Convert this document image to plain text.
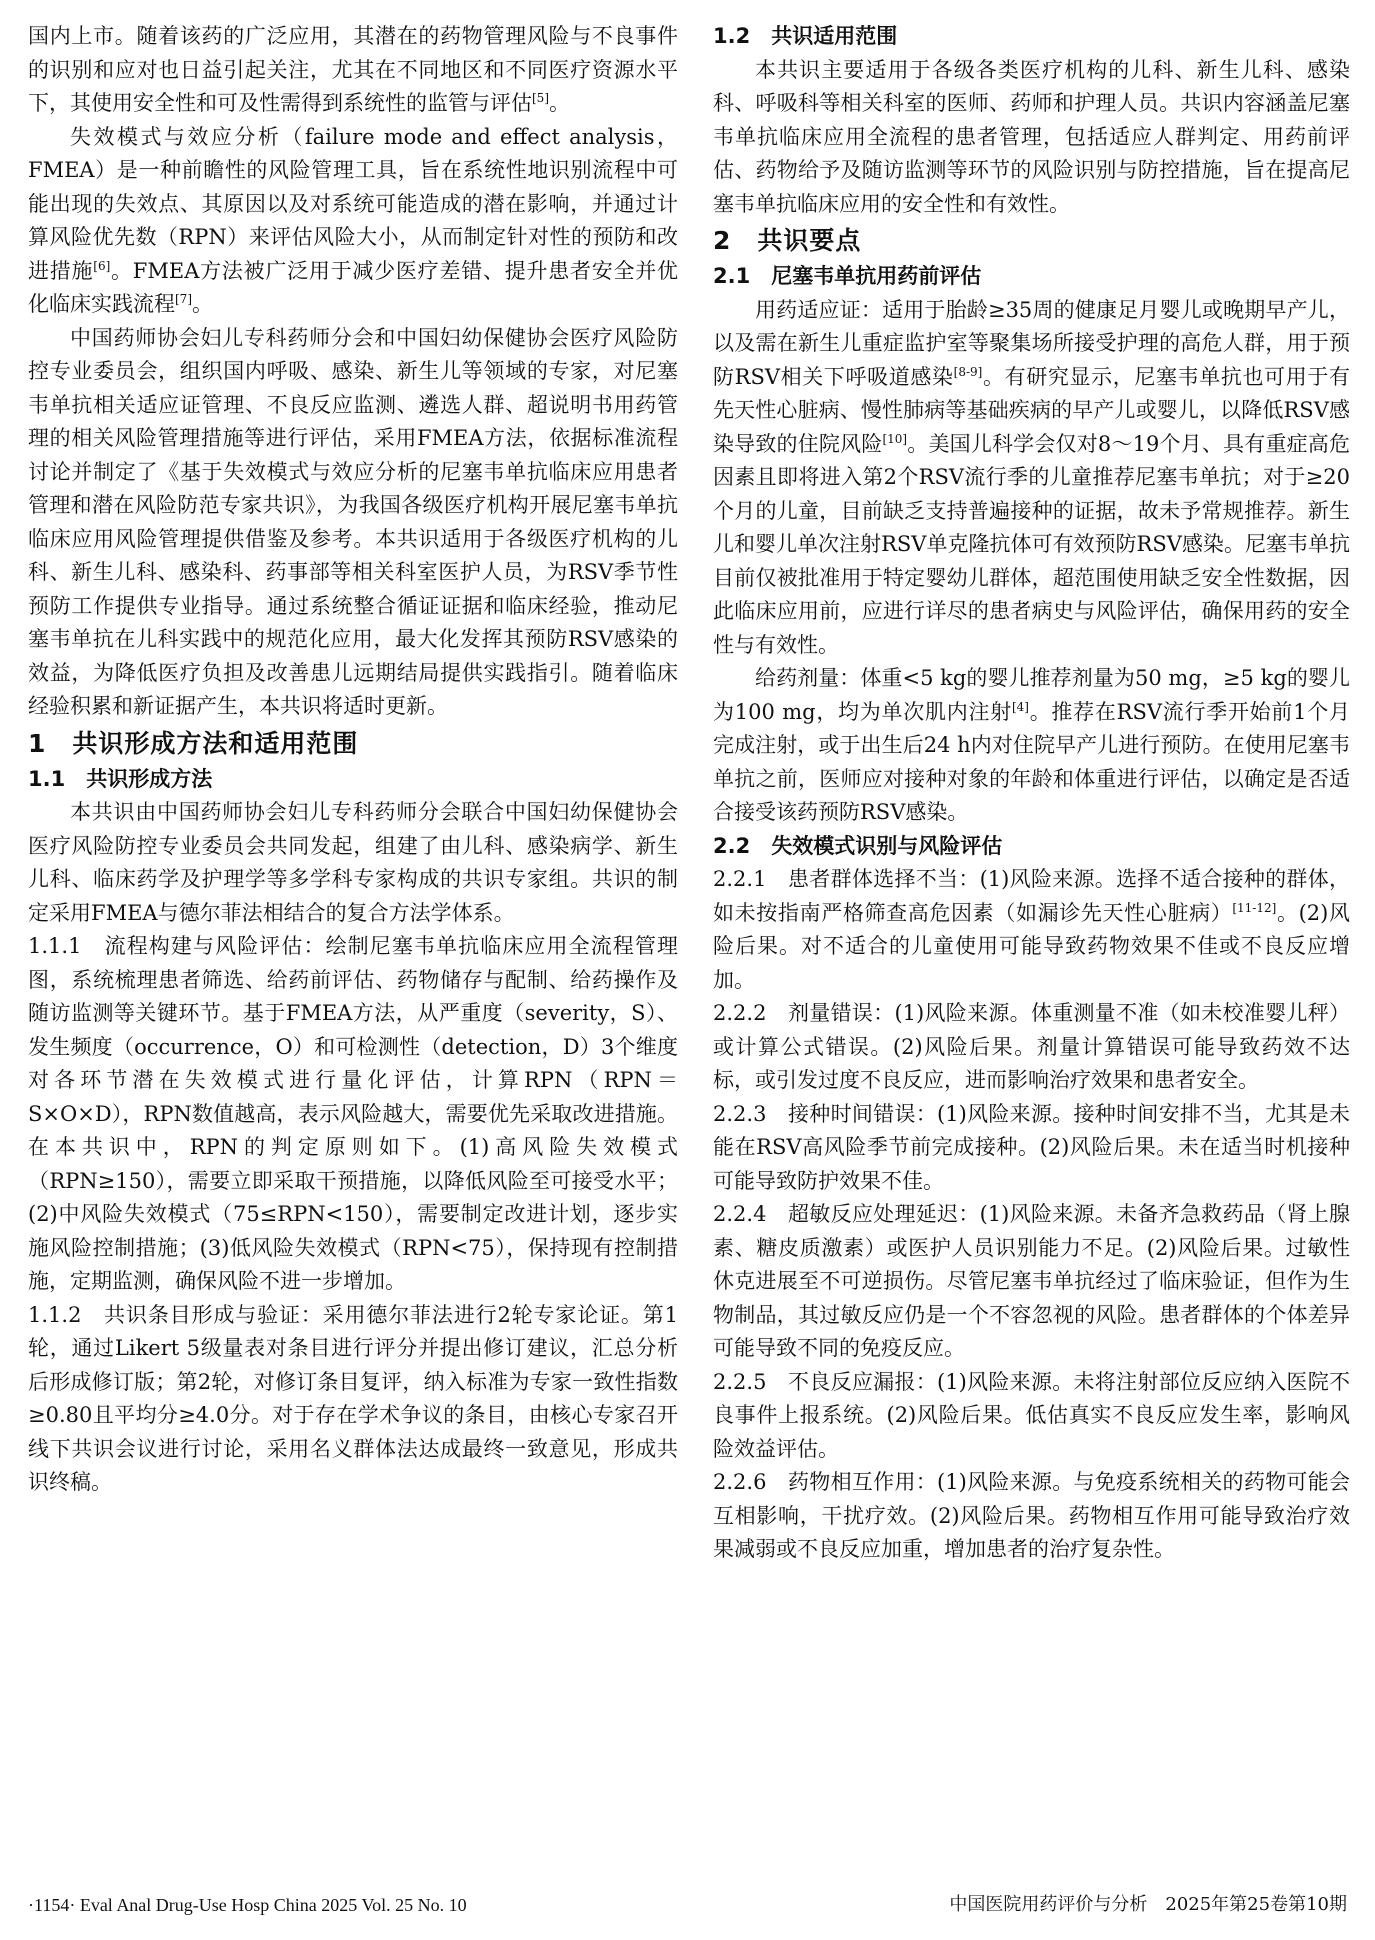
国内上市。随着该药的广泛应用，其潜在的药物管理风险与不良事件的识别和应对也日益引起关注，尤其在不同地区和不同医疗资源水平下，其使用安全性和可及性需得到系统性的监管与评估[5]。

失效模式与效应分析（failure mode and effect analysis，FMEA）是一种前瞻性的风险管理工具，旨在系统性地识别流程中可能出现的失效点、其原因以及对系统可能造成的潜在影响，并通过计算风险优先数（RPN）来评估风险大小，从而制定针对性的预防和改进措施[6]。FMEA方法被广泛用于减少医疗差错、提升患者安全并优化临床实践流程[7]。

中国药师协会妇儿专科药师分会和中国妇幼保健协会医疗风险防控专业委员会，组织国内呼吸、感染、新生儿等领域的专家，对尼塞韦单抗相关适应证管理、不良反应监测、遴选人群、超说明书用药管理的相关风险管理措施等进行评估，采用FMEA方法，依据标准流程讨论并制定了《基于失效模式与效应分析的尼塞韦单抗临床应用患者管理和潜在风险防范专家共识》，为我国各级医疗机构开展尼塞韦单抗临床应用风险管理提供借鉴及参考。本共识适用于各级医疗机构的儿科、新生儿科、感染科、药事部等相关科室医护人员，为RSV季节性预防工作提供专业指导。通过系统整合循证证据和临床经验，推动尼塞韦单抗在儿科实践中的规范化应用，最大化发挥其预防RSV感染的效益，为降低医疗负担及改善患儿远期结局提供实践指引。随着临床经验积累和新证据产生，本共识将适时更新。

1　共识形成方法和适用范围
1.1　共识形成方法

本共识由中国药师协会妇儿专科药师分会联合中国妇幼保健协会医疗风险防控专业委员会共同发起，组建了由儿科、感染病学、新生儿科、临床药学及护理学等多学科专家构成的共识专家组。共识的制定采用FMEA与德尔菲法相结合的复合方法学体系。

1.1.1　流程构建与风险评估：绘制尼塞韦单抗临床应用全流程管理图，系统梳理患者筛选、给药前评估、药物储存与配制、给药操作及随访监测等关键环节。基于FMEA方法，从严重度（severity，S）、发生频度（occurrence，O）和可检测性（detection，D）3个维度对各环节潜在失效模式进行量化评估，计算RPN（RPN＝S×O×D），RPN数值越高，表示风险越大，需要优先采取改进措施。在本共识中，RPN的判定原则如下。(1)高风险失效模式（RPN≥150），需要立即采取干预措施，以降低风险至可接受水平；(2)中风险失效模式（75≤RPN<150），需要制定改进计划，逐步实施风险控制措施；(3)低风险失效模式（RPN<75），保持现有控制措施，定期监测，确保风险不进一步增加。

1.1.2　共识条目形成与验证：采用德尔菲法进行2轮专家论证。第1轮，通过Likert 5级量表对条目进行评分并提出修订建议，汇总分析后形成修订版；第2轮，对修订条目复评，纳入标准为专家一致性指数≥0.80且平均分≥4.0分。对于存在学术争议的条目，由核心专家召开线下共识会议进行讨论，采用名义群体法达成最终一致意见，形成共识终稿。

1.2　共识适用范围

本共识主要适用于各级各类医疗机构的儿科、新生儿科、感染科、呼吸科等相关科室的医师、药师和护理人员。共识内容涵盖尼塞韦单抗临床应用全流程的患者管理，包括适应人群判定、用药前评估、药物给予及随访监测等环节的风险识别与防控措施，旨在提高尼塞韦单抗临床应用的安全性和有效性。

2　共识要点
2.1　尼塞韦单抗用药前评估

用药适应证：适用于胎龄≥35周的健康足月婴儿或晚期早产儿，以及需在新生儿重症监护室等聚集场所接受护理的高危人群，用于预防RSV相关下呼吸道感染[8-9]。有研究显示，尼塞韦单抗也可用于有先天性心脏病、慢性肺病等基础疾病的早产儿或婴儿，以降低RSV感染导致的住院风险[10]。美国儿科学会仅对8～19个月、具有重症高危因素且即将进入第2个RSV流行季的儿童推荐尼塞韦单抗；对于≥20个月的儿童，目前缺乏支持普遍接种的证据，故未予常规推荐。新生儿和婴儿单次注射RSV单克隆抗体可有效预防RSV感染。尼塞韦单抗目前仅被批准用于特定婴幼儿群体，超范围使用缺乏安全性数据，因此临床应用前，应进行详尽的患者病史与风险评估，确保用药的安全性与有效性。

给药剂量：体重<5 kg的婴儿推荐剂量为50 mg，≥5 kg的婴儿为100 mg，均为单次肌内注射[4]。推荐在RSV流行季开始前1个月完成注射，或于出生后24 h内对住院早产儿进行预防。在使用尼塞韦单抗之前，医师应对接种对象的年龄和体重进行评估，以确定是否适合接受该药预防RSV感染。

2.2　失效模式识别与风险评估

2.2.1　患者群体选择不当：(1)风险来源。选择不适合接种的群体，如未按指南严格筛查高危因素（如漏诊先天性心脏病）[11-12]。(2)风险后果。对不适合的儿童使用可能导致药物效果不佳或不良反应增加。

2.2.2　剂量错误：(1)风险来源。体重测量不准（如未校准婴儿秤）或计算公式错误。(2)风险后果。剂量计算错误可能导致药效不达标，或引发过度不良反应，进而影响治疗效果和患者安全。

2.2.3　接种时间错误：(1)风险来源。接种时间安排不当，尤其是未能在RSV高风险季节前完成接种。(2)风险后果。未在适当时机接种可能导致防护效果不佳。

2.2.4　超敏反应处理延迟：(1)风险来源。未备齐急救药品（肾上腺素、糖皮质激素）或医护人员识别能力不足。(2)风险后果。过敏性休克进展至不可逆损伤。尽管尼塞韦单抗经过了临床验证，但作为生物制品，其过敏反应仍是一个不容忽视的风险。患者群体的个体差异可能导致不同的免疫反应。

2.2.5　不良反应漏报：(1)风险来源。未将注射部位反应纳入医院不良事件上报系统。(2)风险后果。低估真实不良反应发生率，影响风险效益评估。

2.2.6　药物相互作用：(1)风险来源。与免疫系统相关的药物可能会互相影响，干扰疗效。(2)风险后果。药物相互作用可能导致治疗效果减弱或不良反应加重，增加患者的治疗复杂性。

·1154· Eval Anal Drug-Use Hosp China 2025 Vol. 25 No. 10	中国医院用药评价与分析　2025年第25卷第10期
